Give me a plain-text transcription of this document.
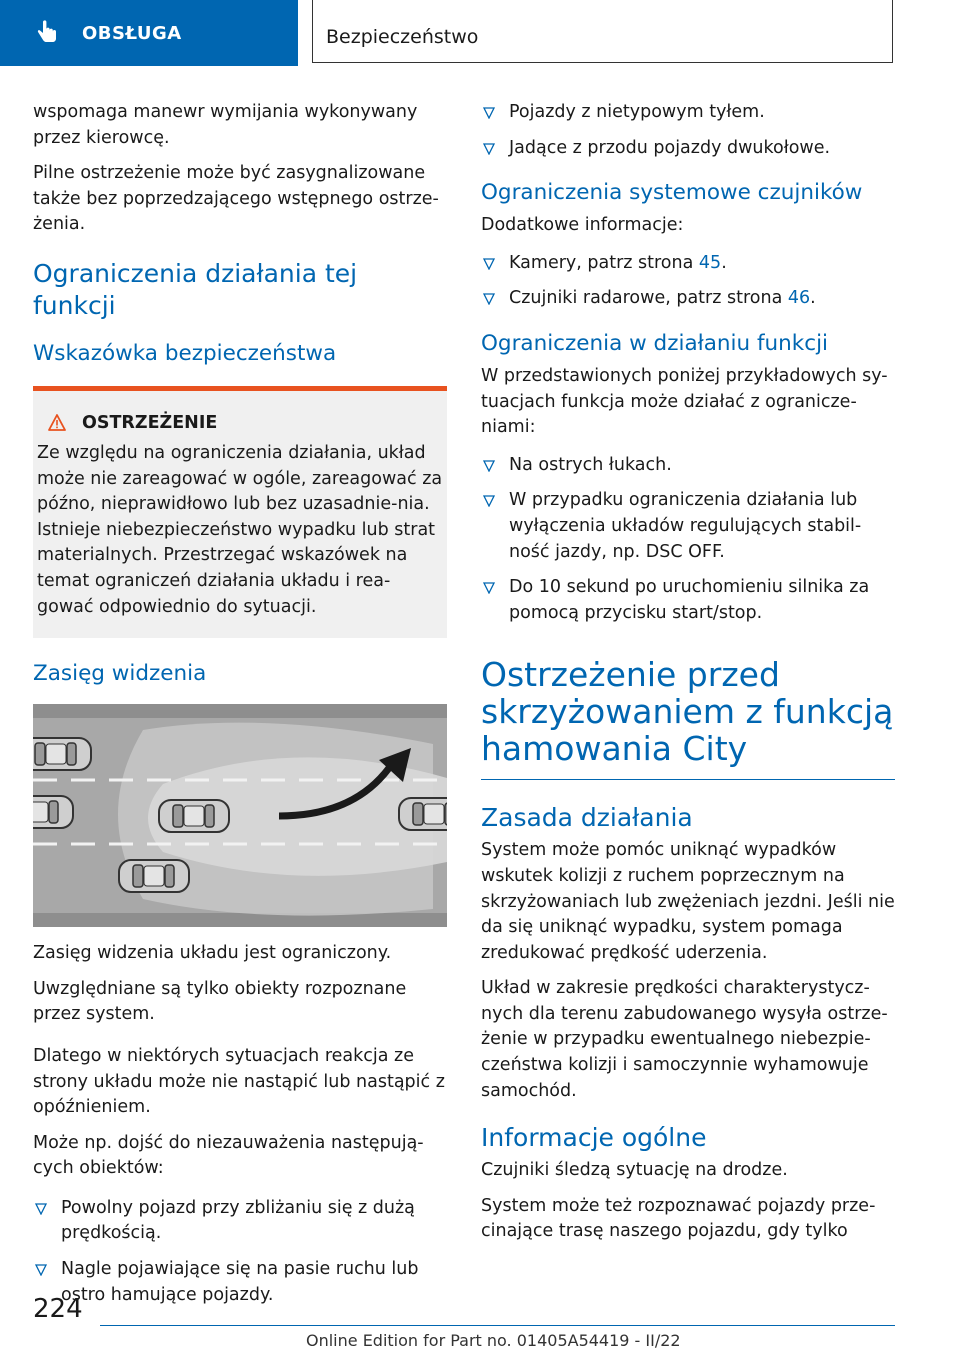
OBSŁUGA	Bezpieczeństwo

wspomaga manewr wymijania wykonywany przez kierowcę.

Pilne ostrzeżenie może być zasygnalizowane także bez poprzedzającego wstępnego ostrze-żenia.

Ograniczenia działania tej funkcji
Wskazówka bezpieczeństwa
OSTRZEŻENIE

Ze względu na ograniczenia działania, układ może nie zareagować w ogóle, zareagować za późno, nieprawidłowo lub bez uzasadnie-nia. Istnieje niebezpieczeństwo wypadku lub strat materialnych. Przestrzegać wskazówek na temat ograniczeń działania układu i rea-gować odpowiednio do sytuacji.

Zasięg widzenia

Zasięg widzenia układu jest ograniczony.

Uwzględniane są tylko obiekty rozpoznane przez system.

Dlatego w niektórych sytuacjach reakcja ze strony układu może nie nastąpić lub nastąpić z opóźnieniem.

Może np. dojść do niezauważenia następują-cych obiektów:

Powolny pojazd przy zbliżaniu się z dużą prędkością.
Nagle pojawiające się na pasie ruchu lub ostro hamujące pojazdy.
Pojazdy z nietypowym tyłem.
Jadące z przodu pojazdy dwukołowe.
Ograniczenia systemowe czujników

Dodatkowe informacje:

Kamery, patrz strona 45.
Czujniki radarowe, patrz strona 46.
Ograniczenia w działaniu funkcji

W przedstawionych poniżej przykładowych sy-tuacjach funkcja może działać z ogranicze-niami:

Na ostrych łukach.
W przypadku ograniczenia działania lub wyłączenia układów regulujących stabil-ność jazdy, np. DSC OFF.
Do 10 sekund po uruchomieniu silnika za pomocą przycisku start/stop.
Ostrzeżenie przed skrzyżowaniem z funkcją hamowania City
Zasada działania

System może pomóc uniknąć wypadków wskutek kolizji z ruchem poprzecznym na skrzyżowaniach lub zwężeniach jezdni. Jeśli nie da się uniknąć wypadku, system pomaga zredukować prędkość uderzenia.

Układ w zakresie prędkości charakterystycz-nych dla terenu zabudowanego wysyła ostrze-żenie w przypadku ewentualnego niebezpie-czeństwa kolizji i samoczynnie wyhamowuje samochód.

Informacje ogólne

Czujniki śledzą sytuację na drodze.

System może też rozpoznawać pojazdy prze-cinające trasę naszego pojazdu, gdy tylko

224
Online Edition for Part no. 01405A54419 - II/22
